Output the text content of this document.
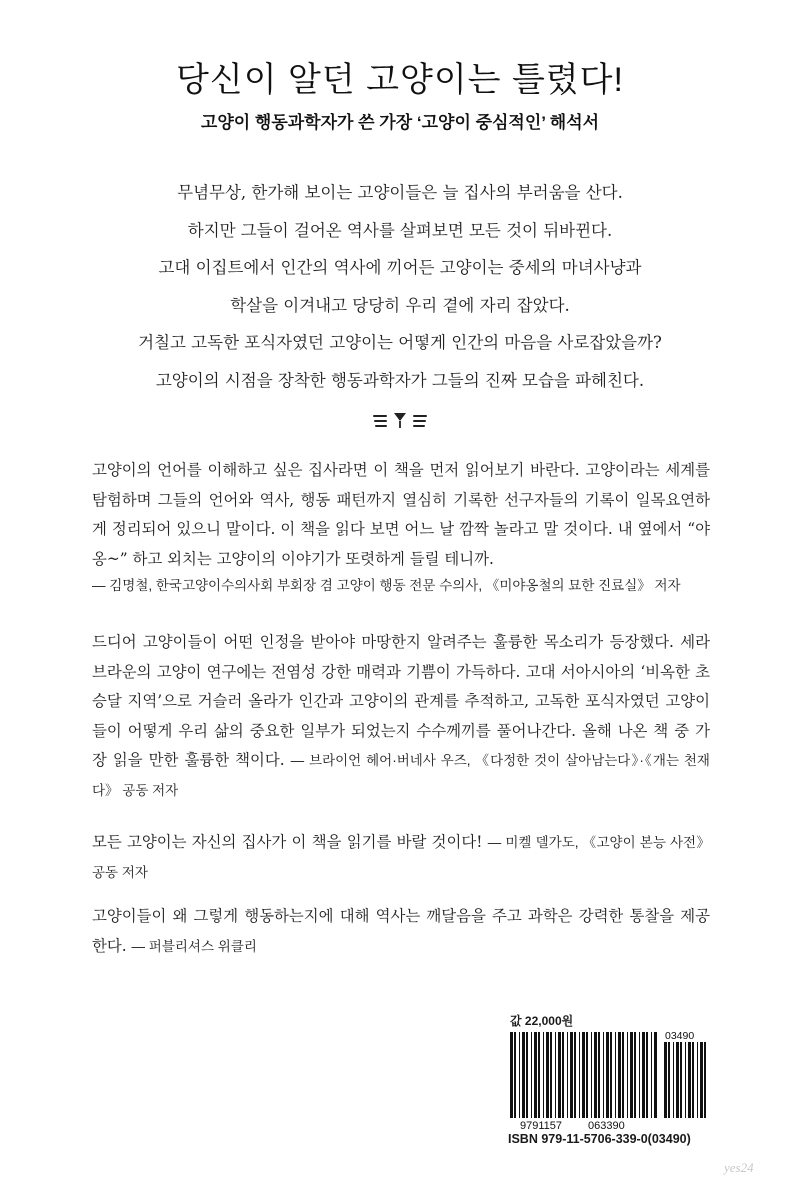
당신이 알던 고양이는 틀렸다!
고양이 행동과학자가 쓴 가장 ‘고양이 중심적인’ 해석서
무념무상, 한가해 보이는 고양이들은 늘 집사의 부러움을 산다.
하지만 그들이 걸어온 역사를 살펴보면 모든 것이 뒤바뀐다.
고대 이집트에서 인간의 역사에 끼어든 고양이는 중세의 마녀사냥과
학살을 이겨내고 당당히 우리 곁에 자리 잡았다.
거칠고 고독한 포식자였던 고양이는 어떻게 인간의 마음을 사로잡았을까?
고양이의 시점을 장착한 행동과학자가 그들의 진짜 모습을 파헤친다.
고양이의 언어를 이해하고 싶은 집사라면 이 책을 먼저 읽어보기 바란다. 고양이라는 세계를 탐험하며 그들의 언어와 역사, 행동 패턴까지 열심히 기록한 선구자들의 기록이 일목요연하게 정리되어 있으니 말이다. 이 책을 읽다 보면 어느 날 깜짝 놀라고 말 것이다. 내 옆에서 “야옹~” 하고 외치는 고양이의 이야기가 또렷하게 들릴 테니까.
— 김명철, 한국고양이수의사회 부회장 겸 고양이 행동 전문 수의사, 《미야옹철의 묘한 진료실》 저자
드디어 고양이들이 어떤 인정을 받아야 마땅한지 알려주는 훌륭한 목소리가 등장했다. 세라 브라운의 고양이 연구에는 전염성 강한 매력과 기쁨이 가득하다. 고대 서아시아의 ‘비옥한 초승달 지역’으로 거슬러 올라가 인간과 고양이의 관계를 추적하고, 고독한 포식자였던 고양이들이 어떻게 우리 삶의 중요한 일부가 되었는지 수수께끼를 풀어나간다. 올해 나온 책 중 가장 읽을 만한 훌륭한 책이다. — 브라이언 헤어·버네사 우즈, 《다정한 것이 살아남는다》·《개는 천재다》 공동 저자
모든 고양이는 자신의 집사가 이 책을 읽기를 바랄 것이다! — 미켈 델가도, 《고양이 본능 사전》 공동 저자
고양이들이 왜 그렇게 행동하는지에 대해 역사는 깨달음을 주고 과학은 강력한 통찰을 제공한다. — 퍼블리셔스 위클리
값 22,000원
9791157 063390
03490
ISBN 979-11-5706-339-0(03490)
yes24
